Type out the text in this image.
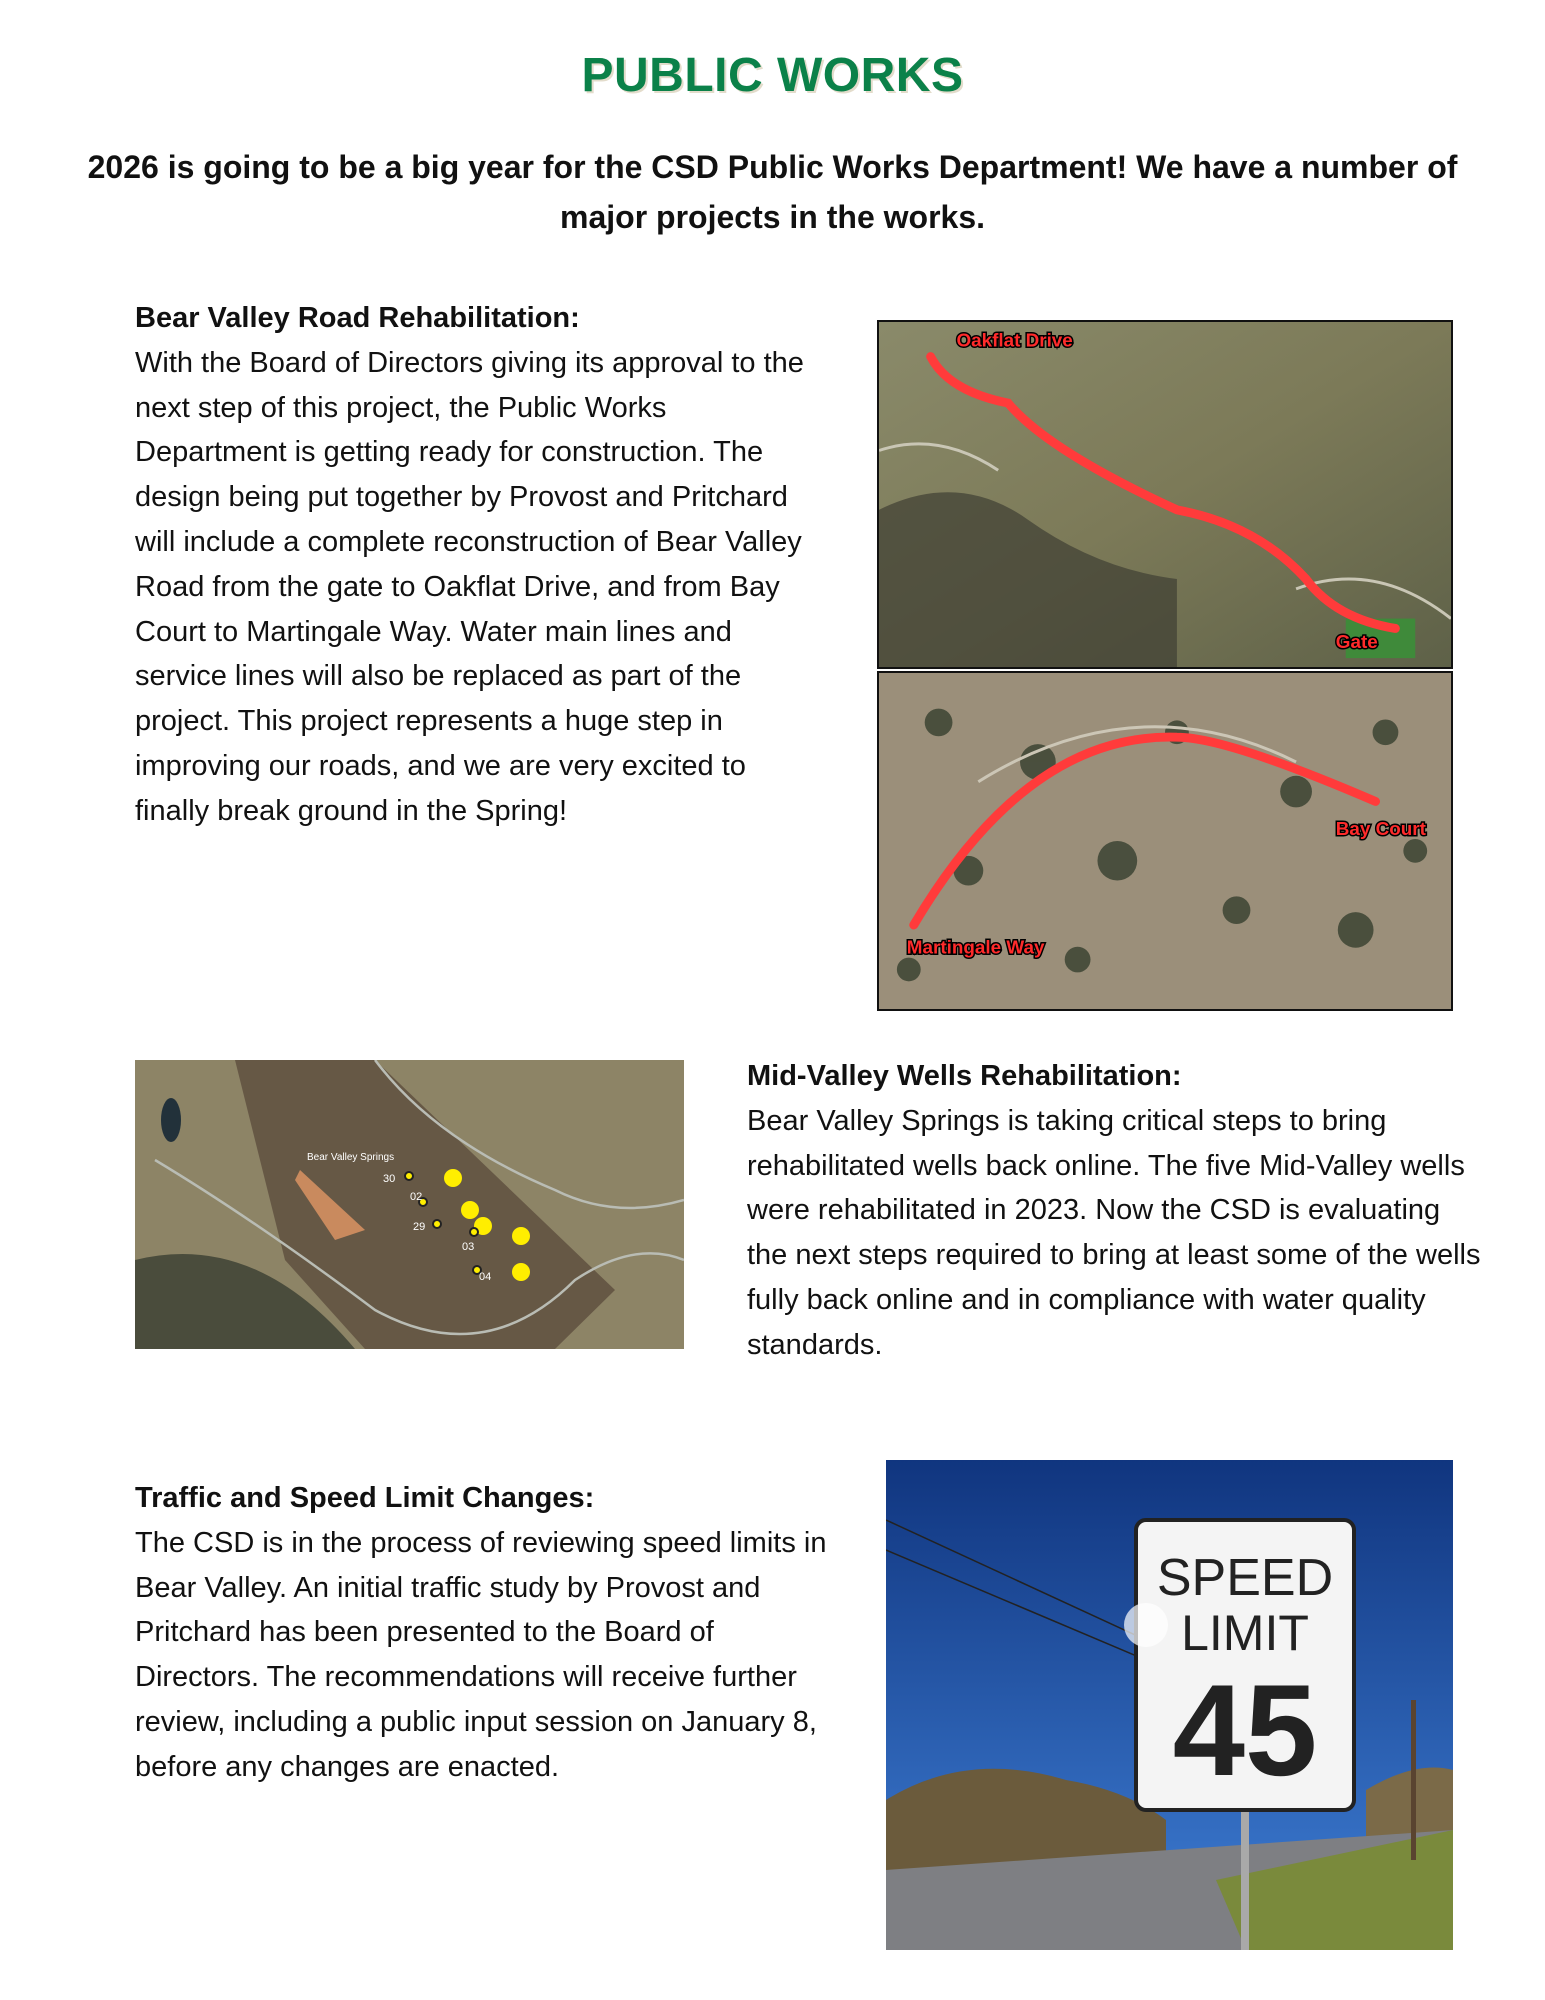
PUBLIC WORKS
2026 is going to be a big year for the CSD Public Works Department! We have a number of major projects in the works.
Bear Valley Road Rehabilitation:

With the Board of Directors giving its approval to the next step of this project, the Public Works Department is getting ready for construction. The design being put together by Provost and Pritchard will include a complete reconstruction of Bear Valley Road from the gate to Oakflat Drive, and from Bay Court to Martingale Way. Water main lines and service lines will also be replaced as part of the project. This project represents a huge step in improving our roads, and we are very excited to finally break ground in the Spring!

Oakflat Drive
Gate
Bay Court
Martingale Way
Bear Valley Springs
30
02
29
03
04
Mid-Valley Wells Rehabilitation:

Bear Valley Springs is taking critical steps to bring rehabilitated wells back online. The five Mid-Valley wells were rehabilitated in 2023. Now the CSD is evaluating the next steps required to bring at least some of the wells fully back online and in compliance with water quality standards.

Traffic and Speed Limit Changes:

The CSD is in the process of reviewing speed limits in Bear Valley. An initial traffic study by Provost and Pritchard has been presented to the Board of Directors. The recommendations will receive further review, including a public input session on January 8, before any changes are enacted.

SPEED
LIMIT
45
